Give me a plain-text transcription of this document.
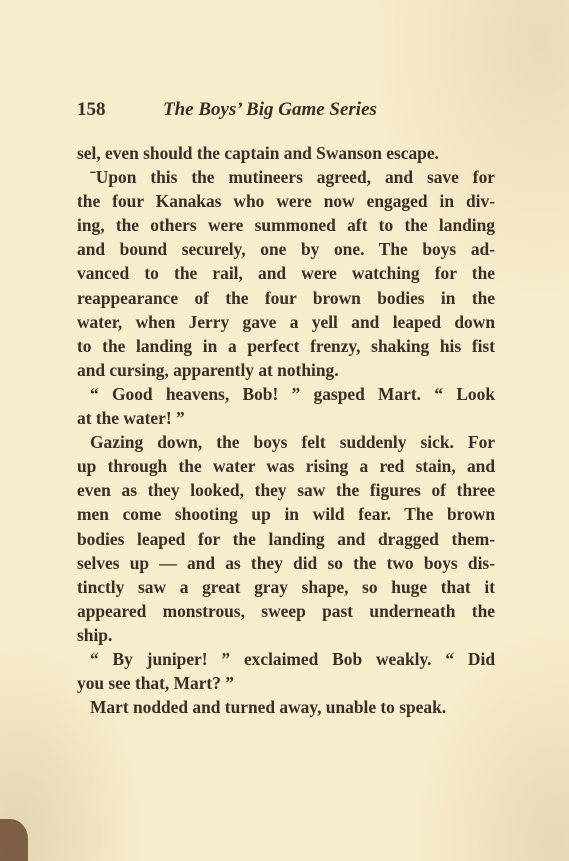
158	The Boys’ Big Game Series
sel, even should the captain and Swanson escape.
ˉUpon this the mutineers agreed, and save for
the four Kanakas who were now engaged in div-
ing, the others were summoned aft to the landing
and bound securely, one by one. The boys ad-
vanced to the rail, and were watching for the
reappearance of the four brown bodies in the
water, when Jerry gave a yell and leaped down
to the landing in a perfect frenzy, shaking his fist
and cursing, apparently at nothing.
“ Good heavens, Bob! ” gasped Mart. “ Look
at the water! ”
Gazing down, the boys felt suddenly sick. For
up through the water was rising a red stain, and
even as they looked, they saw the figures of three
men come shooting up in wild fear. The brown
bodies leaped for the landing and dragged them-
selves up — and as they did so the two boys dis-
tinctly saw a great gray shape, so huge that it
appeared monstrous, sweep past underneath the
ship.
“ By juniper! ” exclaimed Bob weakly. “ Did
you see that, Mart? ”
Mart nodded and turned away, unable to speak.
